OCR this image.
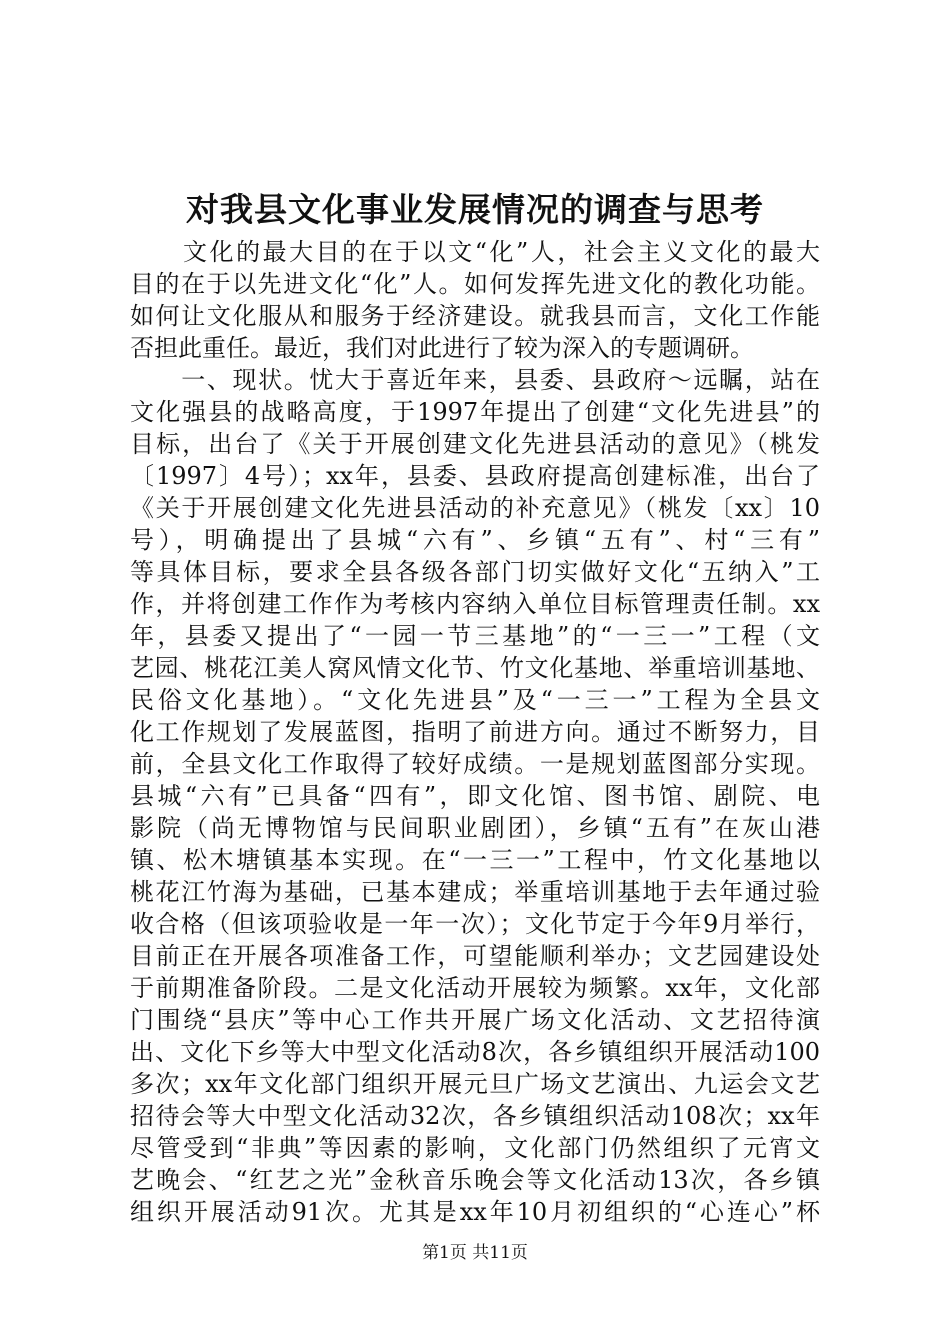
对我县文化事业发展情况的调查与思考
　　文化的最大目的在于以文“化”人，社会主义文化的最大
目的在于以先进文化“化”人。如何发挥先进文化的教化功能。
如何让文化服从和服务于经济建设。就我县而言，文化工作能
否担此重任。最近，我们对此进行了较为深入的专题调研。
　　一、现状。忧大于喜近年来，县委、县政府～远瞩，站在
文化强县的战略高度，于1997年提出了创建“文化先进县”的
目标，出台了《关于开展创建文化先进县活动的意见》（桃发
〔1997〕4号）；xx年，县委、县政府提高创建标准，出台了
《关于开展创建文化先进县活动的补充意见》（桃发〔xx〕10
号），明确提出了县城“六有”、乡镇“五有”、村“三有”
等具体目标，要求全县各级各部门切实做好文化“五纳入”工
作，并将创建工作作为考核内容纳入单位目标管理责任制。xx
年，县委又提出了“一园一节三基地”的“一三一”工程（文
艺园、桃花江美人窝风情文化节、竹文化基地、举重培训基地、
民俗文化基地）。“文化先进县”及“一三一”工程为全县文
化工作规划了发展蓝图，指明了前进方向。通过不断努力，目
前，全县文化工作取得了较好成绩。一是规划蓝图部分实现。
县城“六有”已具备“四有”，即文化馆、图书馆、剧院、电
影院（尚无博物馆与民间职业剧团），乡镇“五有”在灰山港
镇、松木塘镇基本实现。在“一三一”工程中，竹文化基地以
桃花江竹海为基础，已基本建成；举重培训基地于去年通过验
收合格（但该项验收是一年一次）；文化节定于今年9月举行，
目前正在开展各项准备工作，可望能顺利举办；文艺园建设处
于前期准备阶段。二是文化活动开展较为频繁。xx年，文化部
门围绕“县庆”等中心工作共开展广场文化活动、文艺招待演
出、文化下乡等大中型文化活动8次，各乡镇组织开展活动100
多次；xx年文化部门组织开展元旦广场文艺演出、九运会文艺
招待会等大中型文化活动32次，各乡镇组织活动108次；xx年
尽管受到“非典”等因素的影响，文化部门仍然组织了元宵文
艺晚会、“红艺之光”金秋音乐晚会等文化活动13次，各乡镇
组织开展活动91次。尤其是xx年10月初组织的“心连心”杯
第1页 共11页
